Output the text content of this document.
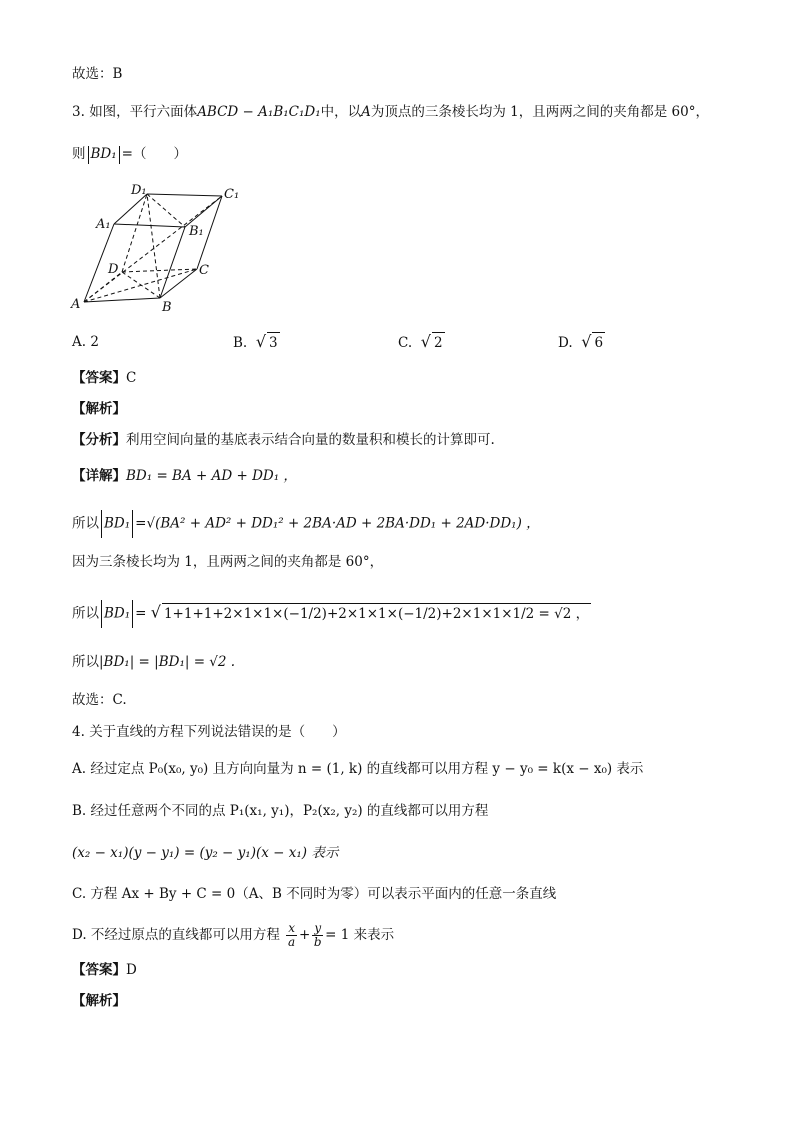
故选：B
3. 如图，平行六面体ABCD − A₁B₁C₁D₁中，以A为顶点的三条棱长均为 1，且两两之间的夹角都是 60°，
则 BD₁ =（　　）
A	B
C
D
A₁	B₁
C₁
D₁
A. 2	B. √ 3	C. √ 2	D. √ 6
【答案】C
【解析】
【分析】利用空间向量的基底表示结合向量的数量积和模长的计算即可.
【详解】BD₁ = BA + AD + DD₁ ，
所以 BD₁ =√(BA² + AD² + DD₁² + 2BA·AD + 2BA·DD₁ + 2AD·DD₁) ，
因为三条棱长均为 1，且两两之间的夹角都是 60°，
所以 BD₁ = √ 1+1+1+2×1×1×(−1/2)+2×1×1×(−1/2)+2×1×1×1/2 = √2 ，
所以|BD₁| = |BD₁| = √2 .
故选：C.
4. 关于直线的方程下列说法错误的是（　　）
A. 经过定点 P₀(x₀, y₀) 且方向向量为 n = (1, k) 的直线都可以用方程 y − y₀ = k(x − x₀) 表示
B. 经过任意两个不同的点 P₁(x₁, y₁)，P₂(x₂, y₂) 的直线都可以用方程
(x₂ − x₁)(y − y₁) = (y₂ − y₁)(x − x₁) 表示
C. 方程 Ax + By + C = 0（A、B 不同时为零）可以表示平面内的任意一条直线
D. 不经过原点的直线都可以用方程 $\frac{x}{a} + \frac{y}{b} = 1$ 来表示
【答案】D
【解析】
